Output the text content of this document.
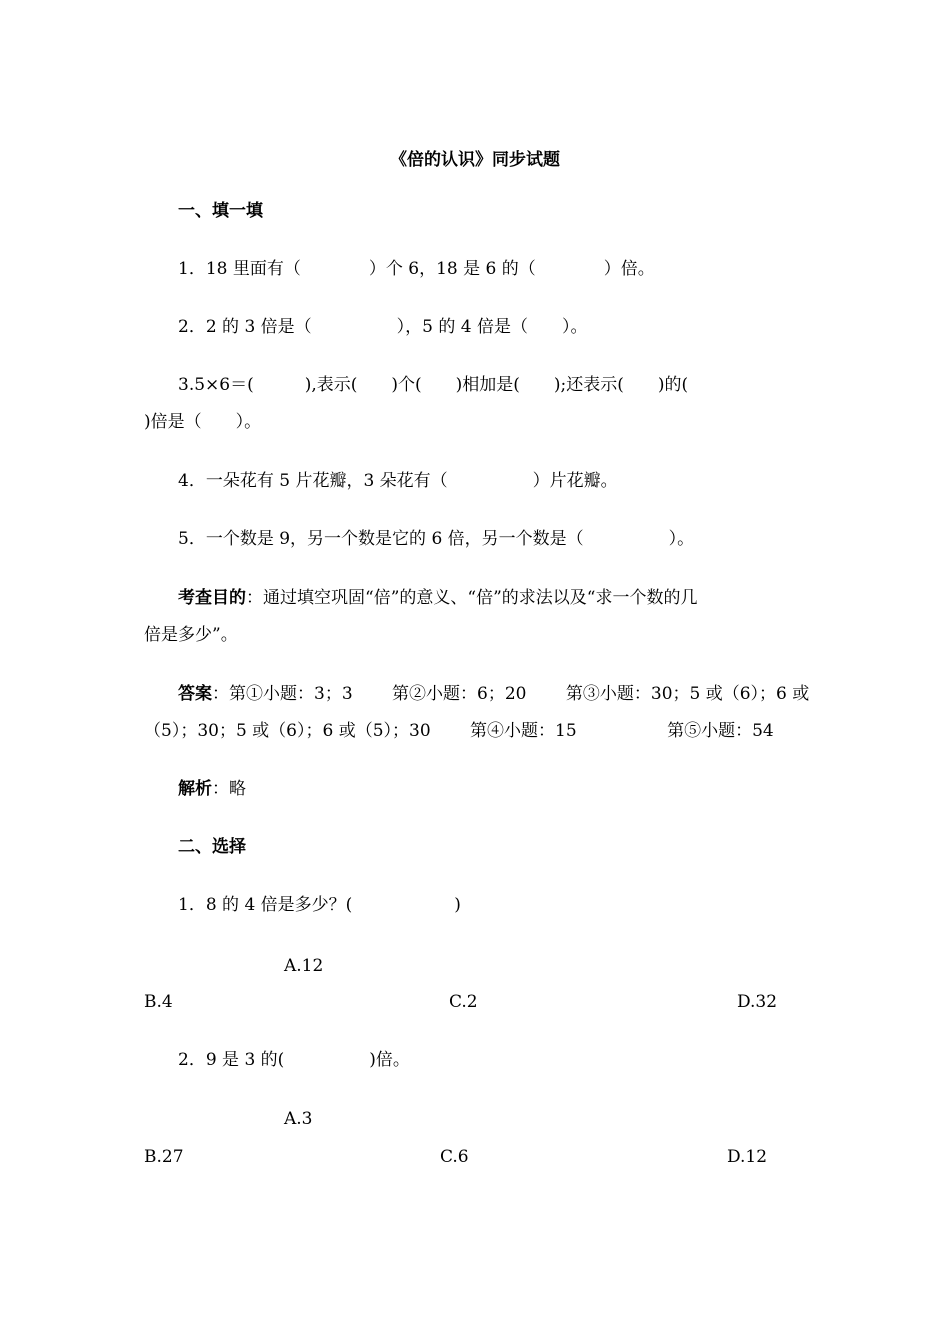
《倍的认识》同步试题
一、填一填
1．18 里面有（　　　　）个 6，18 是 6 的（　　　　）倍。
2．2 的 3 倍是（　　　　　），5 的 4 倍是（　　）。
3.5×6＝(　　　),表示(　　)个(　　)相加是(　　);还表示(　　)的(
)倍是（　　）。
4．一朵花有 5 片花瓣，3 朵花有（　　　　　）片花瓣。
5．一个数是 9，另一个数是它的 6 倍，另一个数是（　　　　　）。
考查目的：通过填空巩固“倍”的意义、“倍”的求法以及“求一个数的几
倍是多少”。
答案：第①小题：3；3　　 第②小题：6；20　　 第③小题：30；5 或（6）；6 或
（5）；30；5 或（6）；6 或（5）；30　　 第④小题：15　　　　　 第⑤小题：54
解析：略
二、选择
1．8 的 4 倍是多少？(　　　　　　)
A.12
B.4	C.2	D.32
2．9 是 3 的(　　　　　)倍。
A.3
B.27	C.6	D.12
